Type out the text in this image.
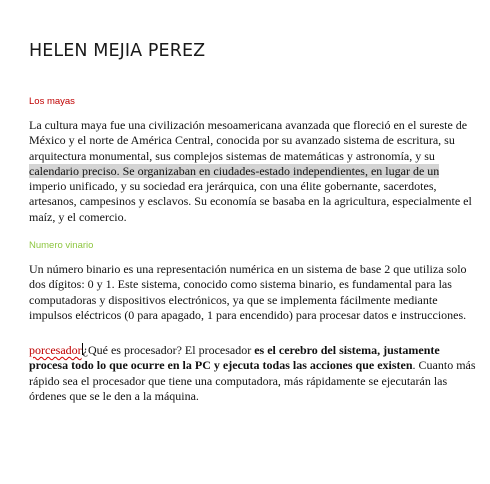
HELEN MEJIA PEREZ
Los mayas

La cultura maya fue una civilización mesoamericana avanzada que floreció en el sureste de México y el norte de América Central, conocida por su avanzado sistema de escritura, su arquitectura monumental, sus complejos sistemas de matemáticas y astronomía, y su calendario preciso. Se organizaban en ciudades-estado independientes, en lugar de un imperio unificado, y su sociedad era jerárquica, con una élite gobernante, sacerdotes, artesanos, campesinos y esclavos. Su economía se basaba en la agricultura, especialmente el maíz, y el comercio.

Numero vinario

Un número binario es una representación numérica en un sistema de base 2 que utiliza solo dos dígitos: 0 y 1. Este sistema, conocido como sistema binario, es fundamental para las computadoras y dispositivos electrónicos, ya que se implementa fácilmente mediante impulsos eléctricos (0 para apagado, 1 para encendido) para procesar datos e instrucciones.

porcesador¿Qué es procesador? El procesador es el cerebro del sistema, justamente procesa todo lo que ocurre en la PC y ejecuta todas las acciones que existen. Cuanto más rápido sea el procesador que tiene una computadora, más rápidamente se ejecutarán las órdenes que se le den a la máquina.
